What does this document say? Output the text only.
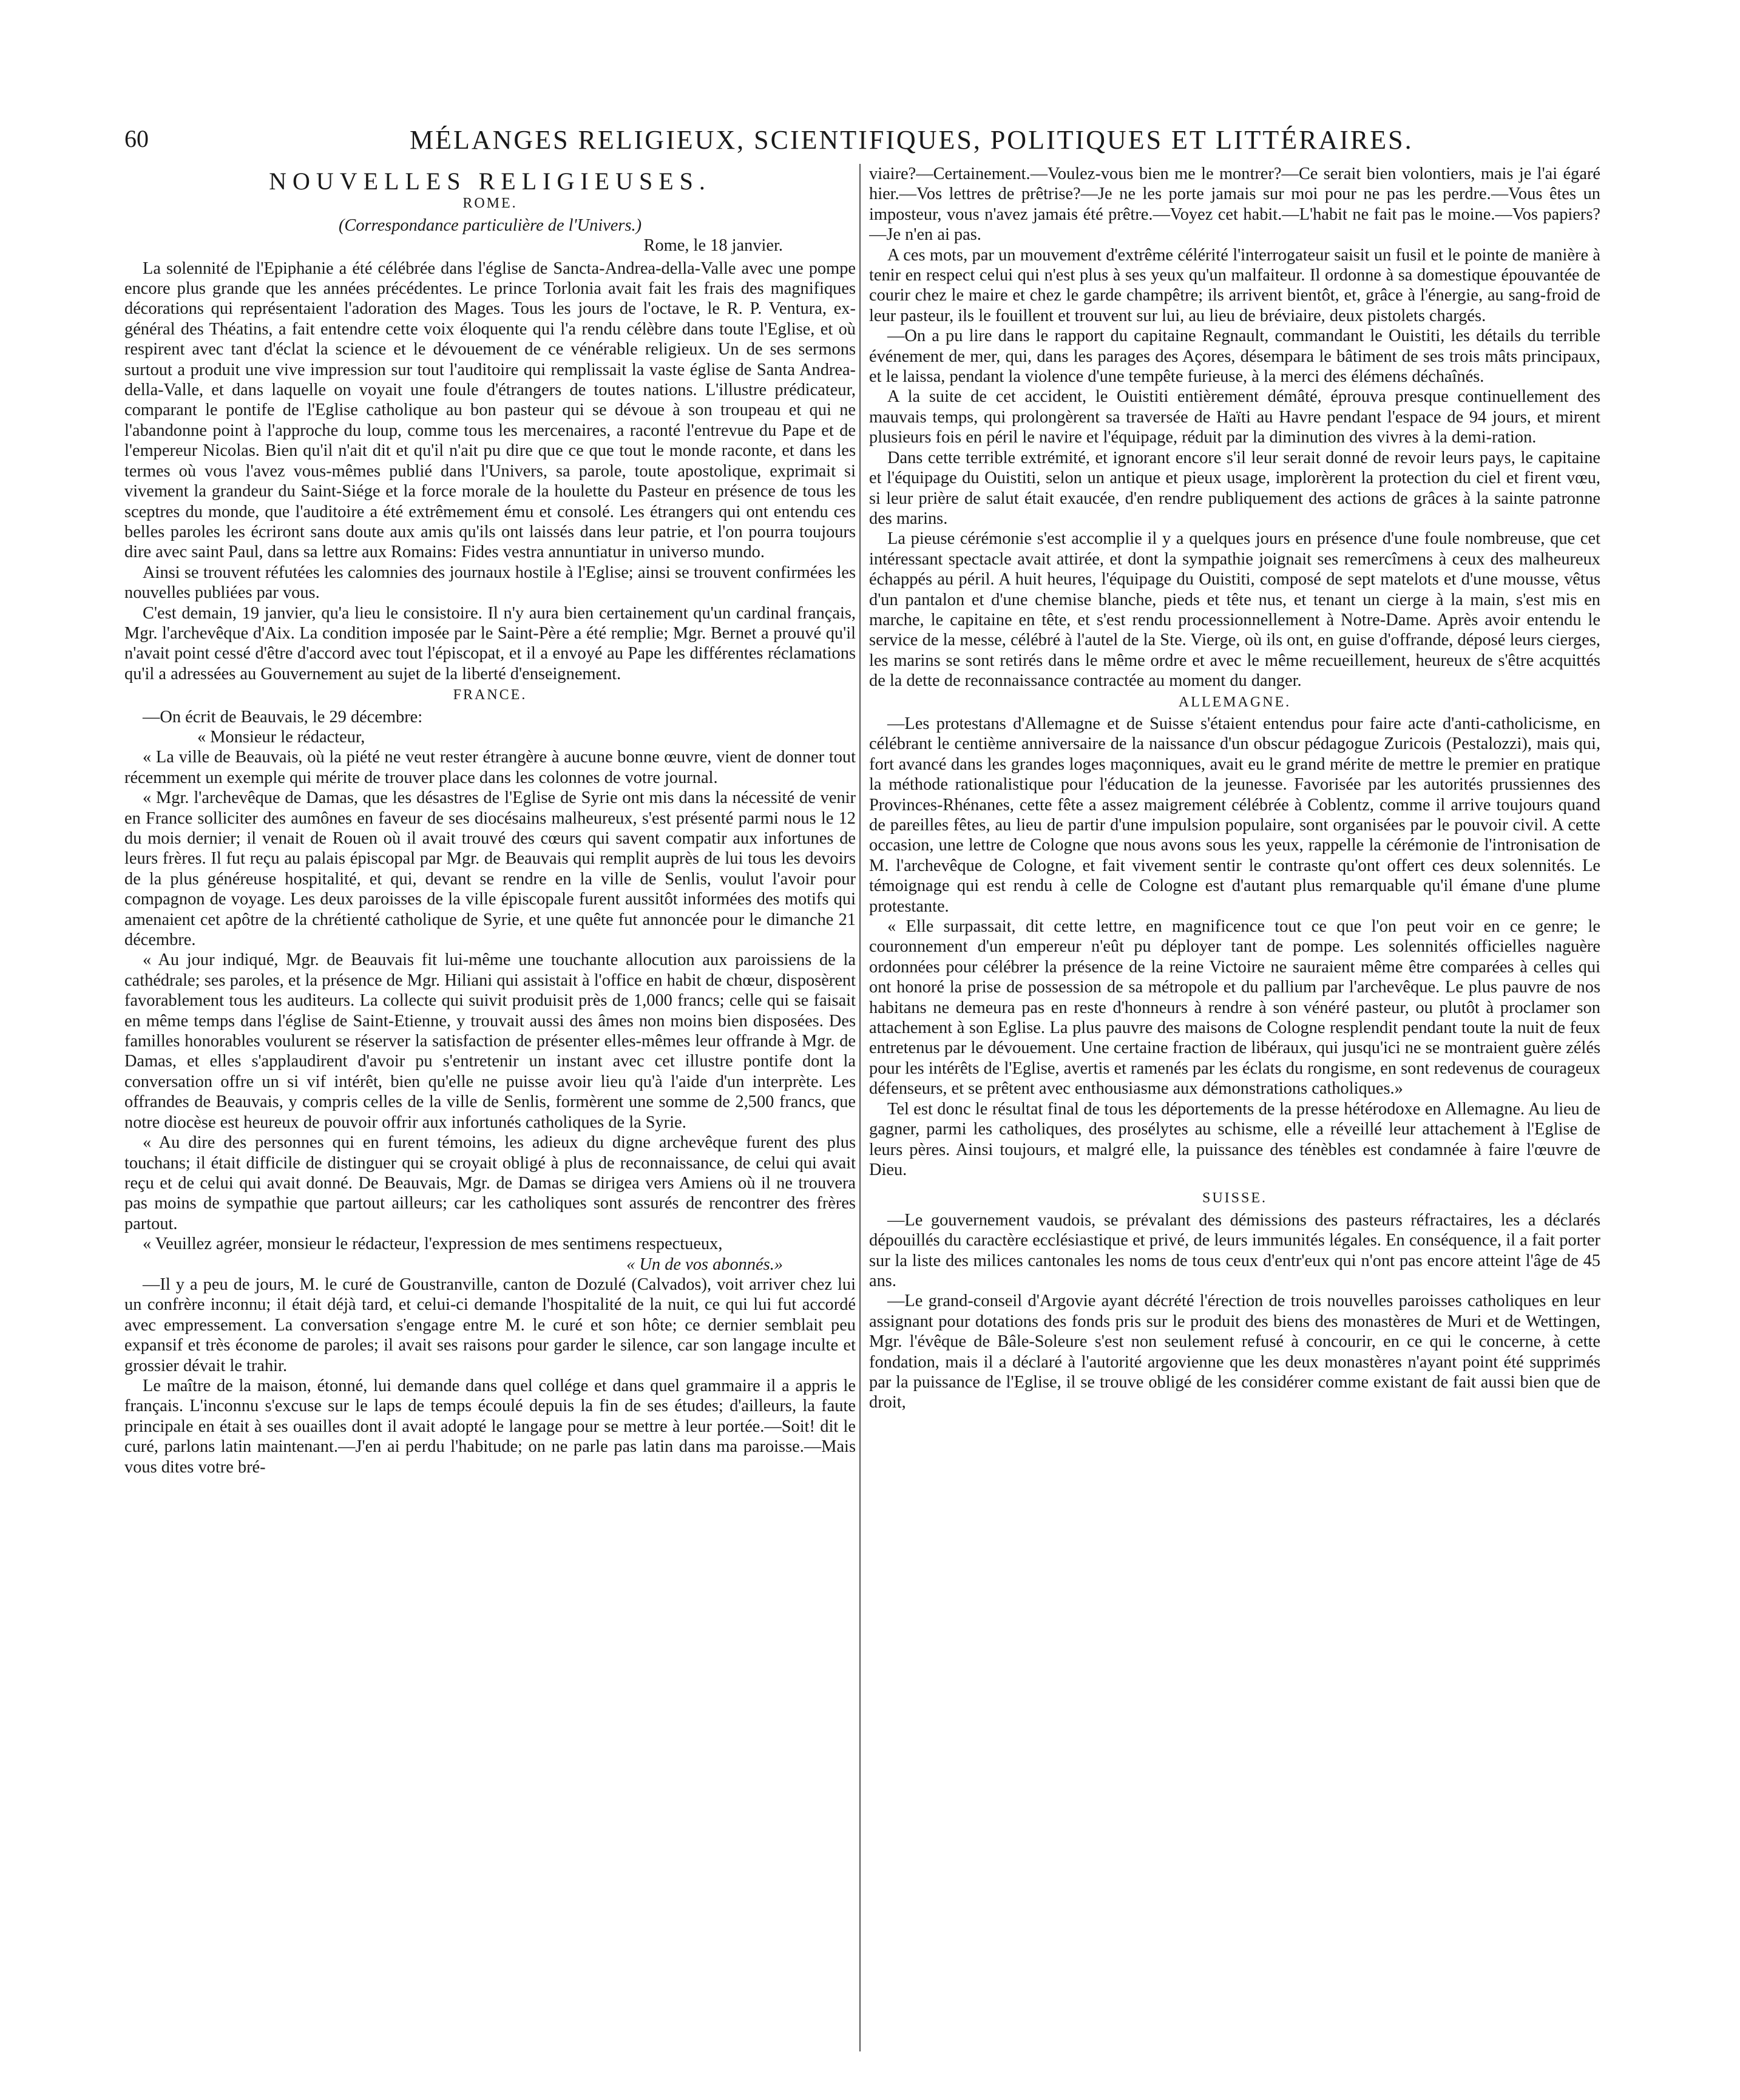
60	MÉLANGES RELIGIEUX, SCIENTIFIQUES, POLITIQUES ET LITTÉRAIRES.
NOUVELLES RELIGIEUSES.
ROME.
(Correspondance particulière de l'Univers.)
Rome, le 18 janvier.

La solennité de l'Epiphanie a été célébrée dans l'église de Sancta-Andrea-della-Valle avec une pompe encore plus grande que les années précédentes. Le prince Torlonia avait fait les frais des magnifiques décorations qui représentaient l'adoration des Mages. Tous les jours de l'octave, le R. P. Ventura, ex-général des Théatins, a fait entendre cette voix éloquente qui l'a rendu célèbre dans toute l'Eglise, et où respirent avec tant d'éclat la science et le dévouement de ce vénérable religieux. Un de ses sermons surtout a produit une vive impression sur tout l'auditoire qui remplissait la vaste église de Santa Andrea-della-Valle, et dans laquelle on voyait une foule d'étrangers de toutes nations. L'illustre prédicateur, comparant le pontife de l'Eglise catholique au bon pasteur qui se dévoue à son troupeau et qui ne l'abandonne point à l'approche du loup, comme tous les mercenaires, a raconté l'entrevue du Pape et de l'empereur Nicolas. Bien qu'il n'ait dit et qu'il n'ait pu dire que ce que tout le monde raconte, et dans les termes où vous l'avez vous-mêmes publié dans l'Univers, sa parole, toute apostolique, exprimait si vivement la grandeur du Saint-Siége et la force morale de la houlette du Pasteur en présence de tous les sceptres du monde, que l'auditoire a été extrêmement ému et consolé. Les étrangers qui ont entendu ces belles paroles les écriront sans doute aux amis qu'ils ont laissés dans leur patrie, et l'on pourra toujours dire avec saint Paul, dans sa lettre aux Romains: Fides vestra annuntiatur in universo mundo.

Ainsi se trouvent réfutées les calomnies des journaux hostile à l'Eglise; ainsi se trouvent confirmées les nouvelles publiées par vous.

C'est demain, 19 janvier, qu'a lieu le consistoire. Il n'y aura bien certainement qu'un cardinal français, Mgr. l'archevêque d'Aix. La condition imposée par le Saint-Père a été remplie; Mgr. Bernet a prouvé qu'il n'avait point cessé d'être d'accord avec tout l'épiscopat, et il a envoyé au Pape les différentes réclamations qu'il a adressées au Gouvernement au sujet de la liberté d'enseignement.

FRANCE.

—On écrit de Beauvais, le 29 décembre:

« Monsieur le rédacteur,

« La ville de Beauvais, où la piété ne veut rester étrangère à aucune bonne œuvre, vient de donner tout récemment un exemple qui mérite de trouver place dans les colonnes de votre journal.

« Mgr. l'archevêque de Damas, que les désastres de l'Eglise de Syrie ont mis dans la nécessité de venir en France solliciter des aumônes en faveur de ses diocésains malheureux, s'est présenté parmi nous le 12 du mois dernier; il venait de Rouen où il avait trouvé des cœurs qui savent compatir aux infortunes de leurs frères. Il fut reçu au palais épiscopal par Mgr. de Beauvais qui remplit auprès de lui tous les devoirs de la plus généreuse hospitalité, et qui, devant se rendre en la ville de Senlis, voulut l'avoir pour compagnon de voyage. Les deux paroisses de la ville épiscopale furent aussitôt informées des motifs qui amenaient cet apôtre de la chrétienté catholique de Syrie, et une quête fut annoncée pour le dimanche 21 décembre.

« Au jour indiqué, Mgr. de Beauvais fit lui-même une touchante allocution aux paroissiens de la cathédrale; ses paroles, et la présence de Mgr. Hiliani qui assistait à l'office en habit de chœur, disposèrent favorablement tous les auditeurs. La collecte qui suivit produisit près de 1,000 francs; celle qui se faisait en même temps dans l'église de Saint-Etienne, y trouvait aussi des âmes non moins bien disposées. Des familles honorables voulurent se réserver la satisfaction de présenter elles-mêmes leur offrande à Mgr. de Damas, et elles s'applaudirent d'avoir pu s'entretenir un instant avec cet illustre pontife dont la conversation offre un si vif intérêt, bien qu'elle ne puisse avoir lieu qu'à l'aide d'un interprète. Les offrandes de Beauvais, y compris celles de la ville de Senlis, formèrent une somme de 2,500 francs, que notre diocèse est heureux de pouvoir offrir aux infortunés catholiques de la Syrie.

« Au dire des personnes qui en furent témoins, les adieux du digne archevêque furent des plus touchans; il était difficile de distinguer qui se croyait obligé à plus de reconnaissance, de celui qui avait reçu et de celui qui avait donné. De Beauvais, Mgr. de Damas se dirigea vers Amiens où il ne trouvera pas moins de sympathie que partout ailleurs; car les catholiques sont assurés de rencontrer des frères partout.

« Veuillez agréer, monsieur le rédacteur, l'expression de mes sentimens respectueux,

« Un de vos abonnés.»

—Il y a peu de jours, M. le curé de Goustranville, canton de Dozulé (Calvados), voit arriver chez lui un confrère inconnu; il était déjà tard, et celui-ci demande l'hospitalité de la nuit, ce qui lui fut accordé avec empressement. La conversation s'engage entre M. le curé et son hôte; ce dernier semblait peu expansif et très économe de paroles; il avait ses raisons pour garder le silence, car son langage inculte et grossier dévait le trahir.

Le maître de la maison, étonné, lui demande dans quel collége et dans quel grammaire il a appris le français. L'inconnu s'excuse sur le laps de temps écoulé depuis la fin de ses études; d'ailleurs, la faute principale en était à ses ouailles dont il avait adopté le langage pour se mettre à leur portée.—Soit! dit le curé, parlons latin maintenant.—J'en ai perdu l'habitude; on ne parle pas latin dans ma paroisse.—Mais vous dites votre bré-

viaire?—Certainement.—Voulez-vous bien me le montrer?—Ce serait bien volontiers, mais je l'ai égaré hier.—Vos lettres de prêtrise?—Je ne les porte jamais sur moi pour ne pas les perdre.—Vous êtes un imposteur, vous n'avez jamais été prêtre.—Voyez cet habit.—L'habit ne fait pas le moine.—Vos papiers?—Je n'en ai pas.

A ces mots, par un mouvement d'extrême célérité l'interrogateur saisit un fusil et le pointe de manière à tenir en respect celui qui n'est plus à ses yeux qu'un malfaiteur. Il ordonne à sa domestique épouvantée de courir chez le maire et chez le garde champêtre; ils arrivent bientôt, et, grâce à l'énergie, au sang-froid de leur pasteur, ils le fouillent et trouvent sur lui, au lieu de bréviaire, deux pistolets chargés.

—On a pu lire dans le rapport du capitaine Regnault, commandant le Ouistiti, les détails du terrible événement de mer, qui, dans les parages des Açores, désempara le bâtiment de ses trois mâts principaux, et le laissa, pendant la violence d'une tempête furieuse, à la merci des élémens déchaînés.

A la suite de cet accident, le Ouistiti entièrement démâté, éprouva presque continuellement des mauvais temps, qui prolongèrent sa traversée de Haïti au Havre pendant l'espace de 94 jours, et mirent plusieurs fois en péril le navire et l'équipage, réduit par la diminution des vivres à la demi-ration.

Dans cette terrible extrémité, et ignorant encore s'il leur serait donné de revoir leurs pays, le capitaine et l'équipage du Ouistiti, selon un antique et pieux usage, implorèrent la protection du ciel et firent vœu, si leur prière de salut était exaucée, d'en rendre publiquement des actions de grâces à la sainte patronne des marins.

La pieuse cérémonie s'est accomplie il y a quelques jours en présence d'une foule nombreuse, que cet intéressant spectacle avait attirée, et dont la sympathie joignait ses remercîmens à ceux des malheureux échappés au péril. A huit heures, l'équipage du Ouistiti, composé de sept matelots et d'une mousse, vêtus d'un pantalon et d'une chemise blanche, pieds et tête nus, et tenant un cierge à la main, s'est mis en marche, le capitaine en tête, et s'est rendu processionnellement à Notre-Dame. Après avoir entendu le service de la messe, célébré à l'autel de la Ste. Vierge, où ils ont, en guise d'offrande, déposé leurs cierges, les marins se sont retirés dans le même ordre et avec le même recueillement, heureux de s'être acquittés de la dette de reconnaissance contractée au moment du danger.

ALLEMAGNE.

—Les protestans d'Allemagne et de Suisse s'étaient entendus pour faire acte d'anti-catholicisme, en célébrant le centième anniversaire de la naissance d'un obscur pédagogue Zuricois (Pestalozzi), mais qui, fort avancé dans les grandes loges maçonniques, avait eu le grand mérite de mettre le premier en pratique la méthode rationalistique pour l'éducation de la jeunesse. Favorisée par les autorités prussiennes des Provinces-Rhénanes, cette fête a assez maigrement célébrée à Coblentz, comme il arrive toujours quand de pareilles fêtes, au lieu de partir d'une impulsion populaire, sont organisées par le pouvoir civil. A cette occasion, une lettre de Cologne que nous avons sous les yeux, rappelle la cérémonie de l'intronisation de M. l'archevêque de Cologne, et fait vivement sentir le contraste qu'ont offert ces deux solennités. Le témoignage qui est rendu à celle de Cologne est d'autant plus remarquable qu'il émane d'une plume protestante.

« Elle surpassait, dit cette lettre, en magnificence tout ce que l'on peut voir en ce genre; le couronnement d'un empereur n'eût pu déployer tant de pompe. Les solennités officielles naguère ordonnées pour célébrer la présence de la reine Victoire ne sauraient même être comparées à celles qui ont honoré la prise de possession de sa métropole et du pallium par l'archevêque. Le plus pauvre de nos habitans ne demeura pas en reste d'honneurs à rendre à son vénéré pasteur, ou plutôt à proclamer son attachement à son Eglise. La plus pauvre des maisons de Cologne resplendit pendant toute la nuit de feux entretenus par le dévouement. Une certaine fraction de libéraux, qui jusqu'ici ne se montraient guère zélés pour les intérêts de l'Eglise, avertis et ramenés par les éclats du rongisme, en sont redevenus de courageux défenseurs, et se prêtent avec enthousiasme aux démonstrations catholiques.»

Tel est donc le résultat final de tous les déportements de la presse hétérodoxe en Allemagne. Au lieu de gagner, parmi les catholiques, des prosélytes au schisme, elle a réveillé leur attachement à l'Eglise de leurs pères. Ainsi toujours, et malgré elle, la puissance des ténèbles est condamnée à faire l'œuvre de Dieu.

SUISSE.

—Le gouvernement vaudois, se prévalant des démissions des pasteurs réfractaires, les a déclarés dépouillés du caractère ecclésiastique et privé, de leurs immunités légales. En conséquence, il a fait porter sur la liste des milices cantonales les noms de tous ceux d'entr'eux qui n'ont pas encore atteint l'âge de 45 ans.

—Le grand-conseil d'Argovie ayant décrété l'érection de trois nouvelles paroisses catholiques en leur assignant pour dotations des fonds pris sur le produit des biens des monastères de Muri et de Wettingen, Mgr. l'évêque de Bâle-Soleure s'est non seulement refusé à concourir, en ce qui le concerne, à cette fondation, mais il a déclaré à l'autorité argovienne que les deux monastères n'ayant point été supprimés par la puissance de l'Eglise, il se trouve obligé de les considérer comme existant de fait aussi bien que de droit,
